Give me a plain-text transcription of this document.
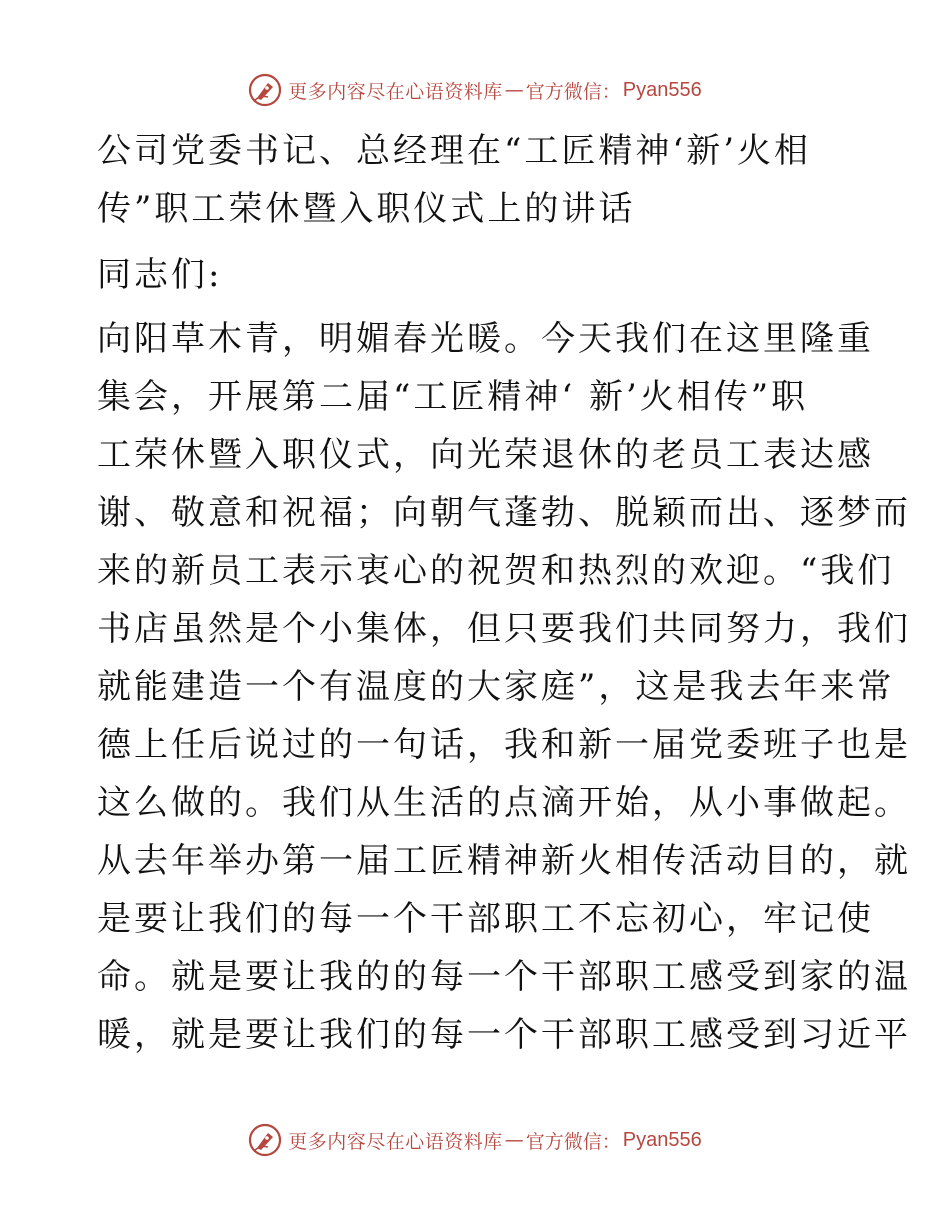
更多内容尽在心语资料库 — 官方微信： Pyan556
公司党委书记、总经理在“工匠精神‘新’火相
传”职工荣休暨入职仪式上的讲话
同志们:
向阳草木青，明媚春光暖。今天我们在这里隆重
集会，开展第二届“工匠精神‘ 新’火相传”职
工荣休暨入职仪式，向光荣退休的老员工表达感
谢、敬意和祝福；向朝气蓬勃、脱颖而出、逐梦而
来的新员工表示衷心的祝贺和热烈的欢迎。“我们
书店虽然是个小集体，但只要我们共同努力，我们
就能建造一个有温度的大家庭”，这是我去年来常
德上任后说过的一句话，我和新一届党委班子也是
这么做的。我们从生活的点滴开始，从小事做起。
从去年举办第一届工匠精神新火相传活动目的，就
是要让我们的每一个干部职工不忘初心，牢记使
命。就是要让我的的每一个干部职工感受到家的温
暖，就是要让我们的每一个干部职工感受到习近平
更多内容尽在心语资料库 — 官方微信： Pyan556
